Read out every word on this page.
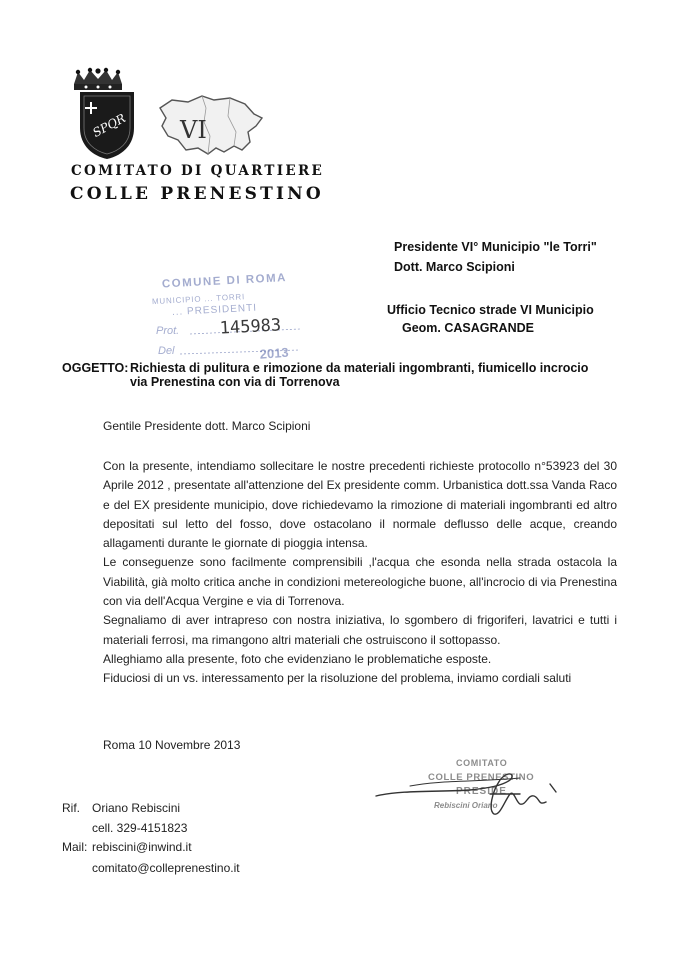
SPQR VI
COMITATO DI QUARTIERE
COLLE PRENESTINO
Presidente VI° Municipio "le Torri"
Dott. Marco Scipioni
Ufficio Tecnico strade VI Municipio
Geom. CASAGRANDE
COMUNE DI ROMA
MUNICIPIO ... TORRI
... PRESIDENTI
Prot.
Del	2013
145983
OGGETTO: Richiesta di pulitura e rimozione da materiali ingombranti, fiumicello incrocio via Prenestina con via di Torrenova
Gentile Presidente dott. Marco Scipioni

Con la presente, intendiamo sollecitare le nostre precedenti richieste protocollo n°53923 del 30 Aprile 2012 , presentate all'attenzione del Ex presidente comm. Urbanistica dott.ssa Vanda Raco e del EX presidente municipio, dove richiedevamo la rimozione di materiali ingombranti ed altro depositati sul letto del fosso, dove ostacolano il normale deflusso delle acque, creando allagamenti durante le giornate di pioggia intensa.

Le conseguenze sono facilmente comprensibili ,l'acqua che esonda nella strada ostacola la Viabilità, già molto critica anche in condizioni metereologiche buone, all'incrocio di via Prenestina con via dell'Acqua Vergine e via di Torrenova.

Segnaliamo di aver intrapreso con nostra iniziativa, lo sgombero di frigoriferi, lavatrici e tutti i materiali ferrosi, ma rimangono altri materiali che ostruiscono il sottopasso.

Alleghiamo alla presente, foto che evidenziano le problematiche esposte.

Fiduciosi di un vs. interessamento per la risoluzione del problema, inviamo cordiali saluti

Roma 10 Novembre 2013
COMITATO
COLLE PRENESTINO
PRESIDE
Rebiscini Oriano
Rif. Oriano Rebiscini
cell. 329-4151823
Mail: rebiscini@inwind.it
comitato@colleprenestino.it
